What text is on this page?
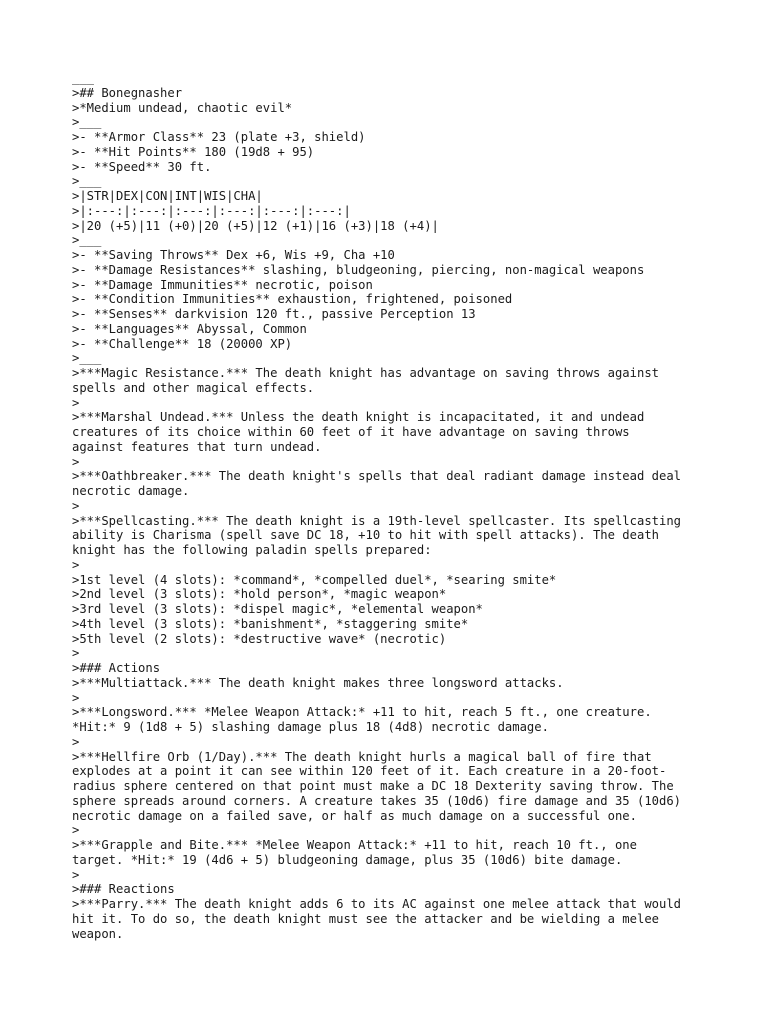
___
>## Bonegnasher
>*Medium undead, chaotic evil*
>___
>- **Armor Class** 23 (plate +3, shield)
>- **Hit Points** 180 (19d8 + 95)
>- **Speed** 30 ft.
>___
>|STR|DEX|CON|INT|WIS|CHA|
>|:---:|:---:|:---:|:---:|:---:|:---:|
>|20 (+5)|11 (+0)|20 (+5)|12 (+1)|16 (+3)|18 (+4)|
>___
>- **Saving Throws** Dex +6, Wis +9, Cha +10
>- **Damage Resistances** slashing, bludgeoning, piercing, non-magical weapons
>- **Damage Immunities** necrotic, poison
>- **Condition Immunities** exhaustion, frightened, poisoned
>- **Senses** darkvision 120 ft., passive Perception 13
>- **Languages** Abyssal, Common
>- **Challenge** 18 (20000 XP)
>___
>***Magic Resistance.*** The death knight has advantage on saving throws against
spells and other magical effects.
>
>***Marshal Undead.*** Unless the death knight is incapacitated, it and undead
creatures of its choice within 60 feet of it have advantage on saving throws
against features that turn undead.
>
>***Oathbreaker.*** The death knight's spells that deal radiant damage instead deal
necrotic damage.
>
>***Spellcasting.*** The death knight is a 19th-level spellcaster. Its spellcasting
ability is Charisma (spell save DC 18, +10 to hit with spell attacks). The death
knight has the following paladin spells prepared:
>
>1st level (4 slots): *command*, *compelled duel*, *searing smite*
>2nd level (3 slots): *hold person*, *magic weapon*
>3rd level (3 slots): *dispel magic*, *elemental weapon*
>4th level (3 slots): *banishment*, *staggering smite*
>5th level (2 slots): *destructive wave* (necrotic)
>
>### Actions
>***Multiattack.*** The death knight makes three longsword attacks.
>
>***Longsword.*** *Melee Weapon Attack:* +11 to hit, reach 5 ft., one creature.
*Hit:* 9 (1d8 + 5) slashing damage plus 18 (4d8) necrotic damage.
>
>***Hellfire Orb (1/Day).*** The death knight hurls a magical ball of fire that
explodes at a point it can see within 120 feet of it. Each creature in a 20-foot-
radius sphere centered on that point must make a DC 18 Dexterity saving throw. The
sphere spreads around corners. A creature takes 35 (10d6) fire damage and 35 (10d6)
necrotic damage on a failed save, or half as much damage on a successful one.
>
>***Grapple and Bite.*** *Melee Weapon Attack:* +11 to hit, reach 10 ft., one
target. *Hit:* 19 (4d6 + 5) bludgeoning damage, plus 35 (10d6) bite damage.
>
>### Reactions
>***Parry.*** The death knight adds 6 to its AC against one melee attack that would
hit it. To do so, the death knight must see the attacker and be wielding a melee
weapon.
